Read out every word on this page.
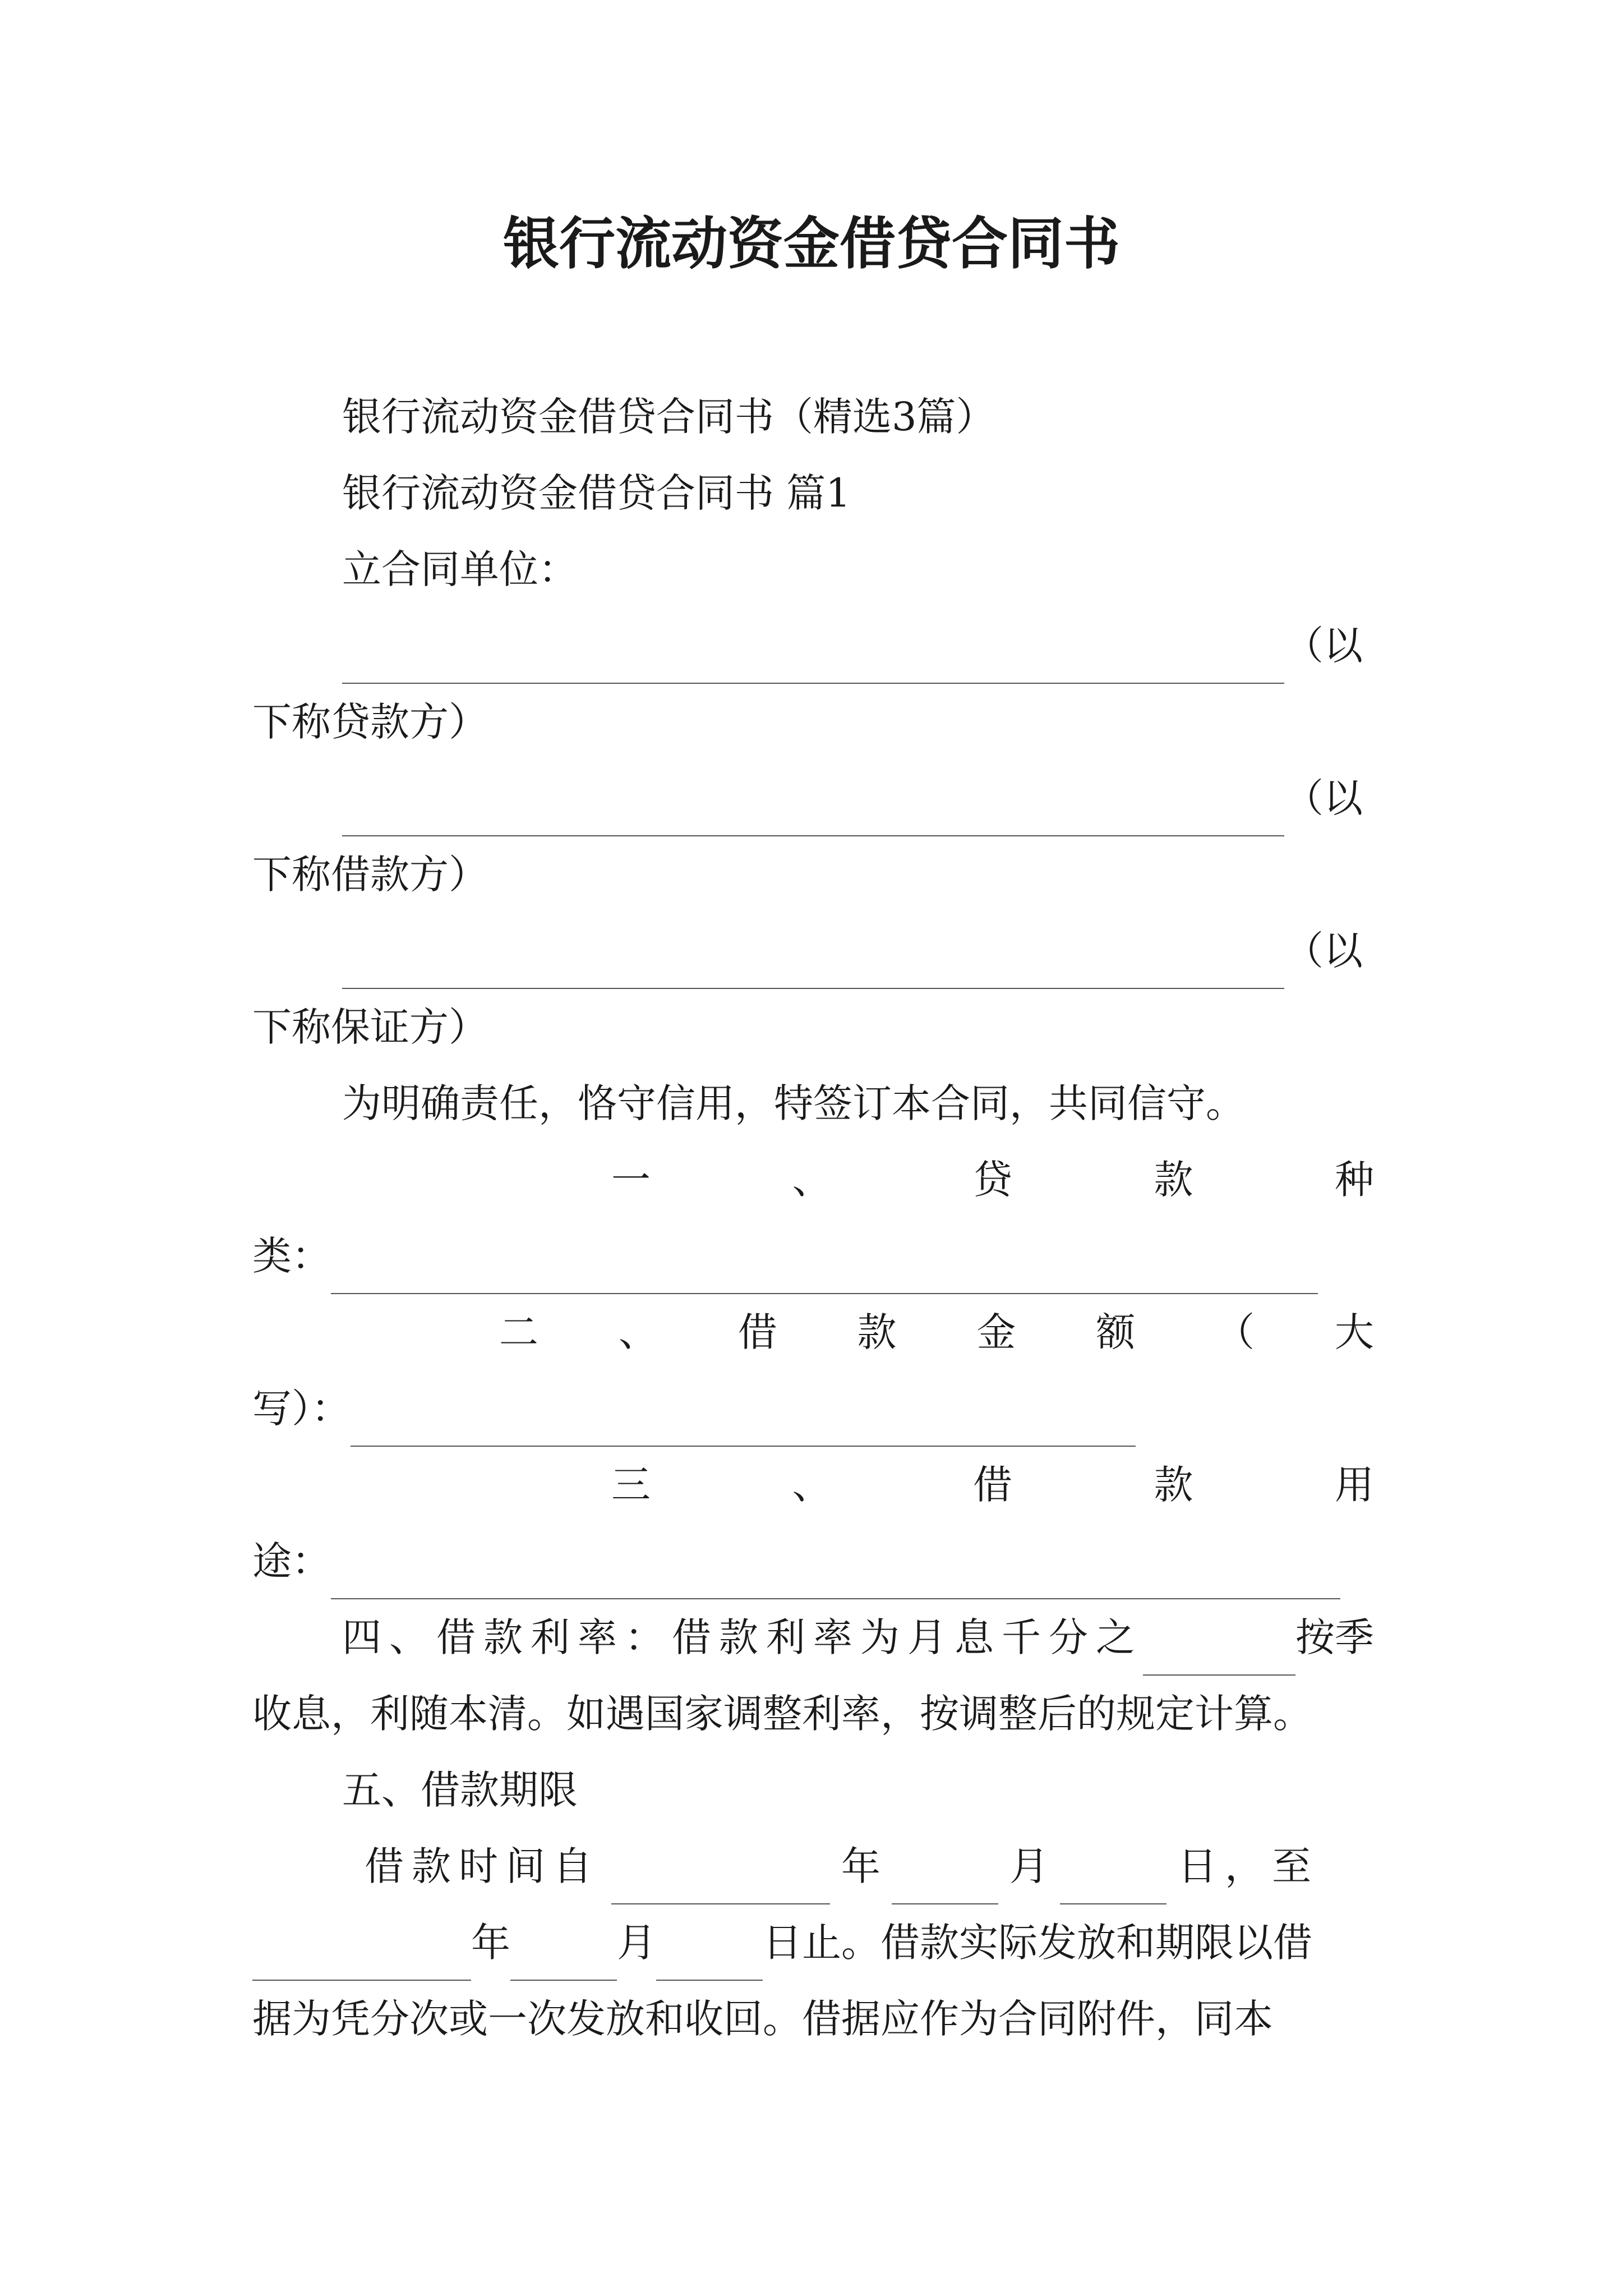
银行流动资金借贷合同书
银行流动资金借贷合同书（精选3篇）
银行流动资金借贷合同书 篇1
立合同单位：
（以
下称贷款方）
（以
下称借款方）
（以
下称保证方）
为明确责任，恪守信用，特签订本合同，共同信守。
一	、	贷	款	种
类：
二 、 借 款 金 额 （ 大
写）：
三	、	借	款	用
途：
四、借款利率：借款利率为月息千分之	按季
收息，利随本清。如遇国家调整利率，按调整后的规定计算。
五、借款期限
借款时间自	年	月	日，至
年	月	日止。借款实际发放和期限以借
据为凭分次或一次发放和收回。借据应作为合同附件，同本
